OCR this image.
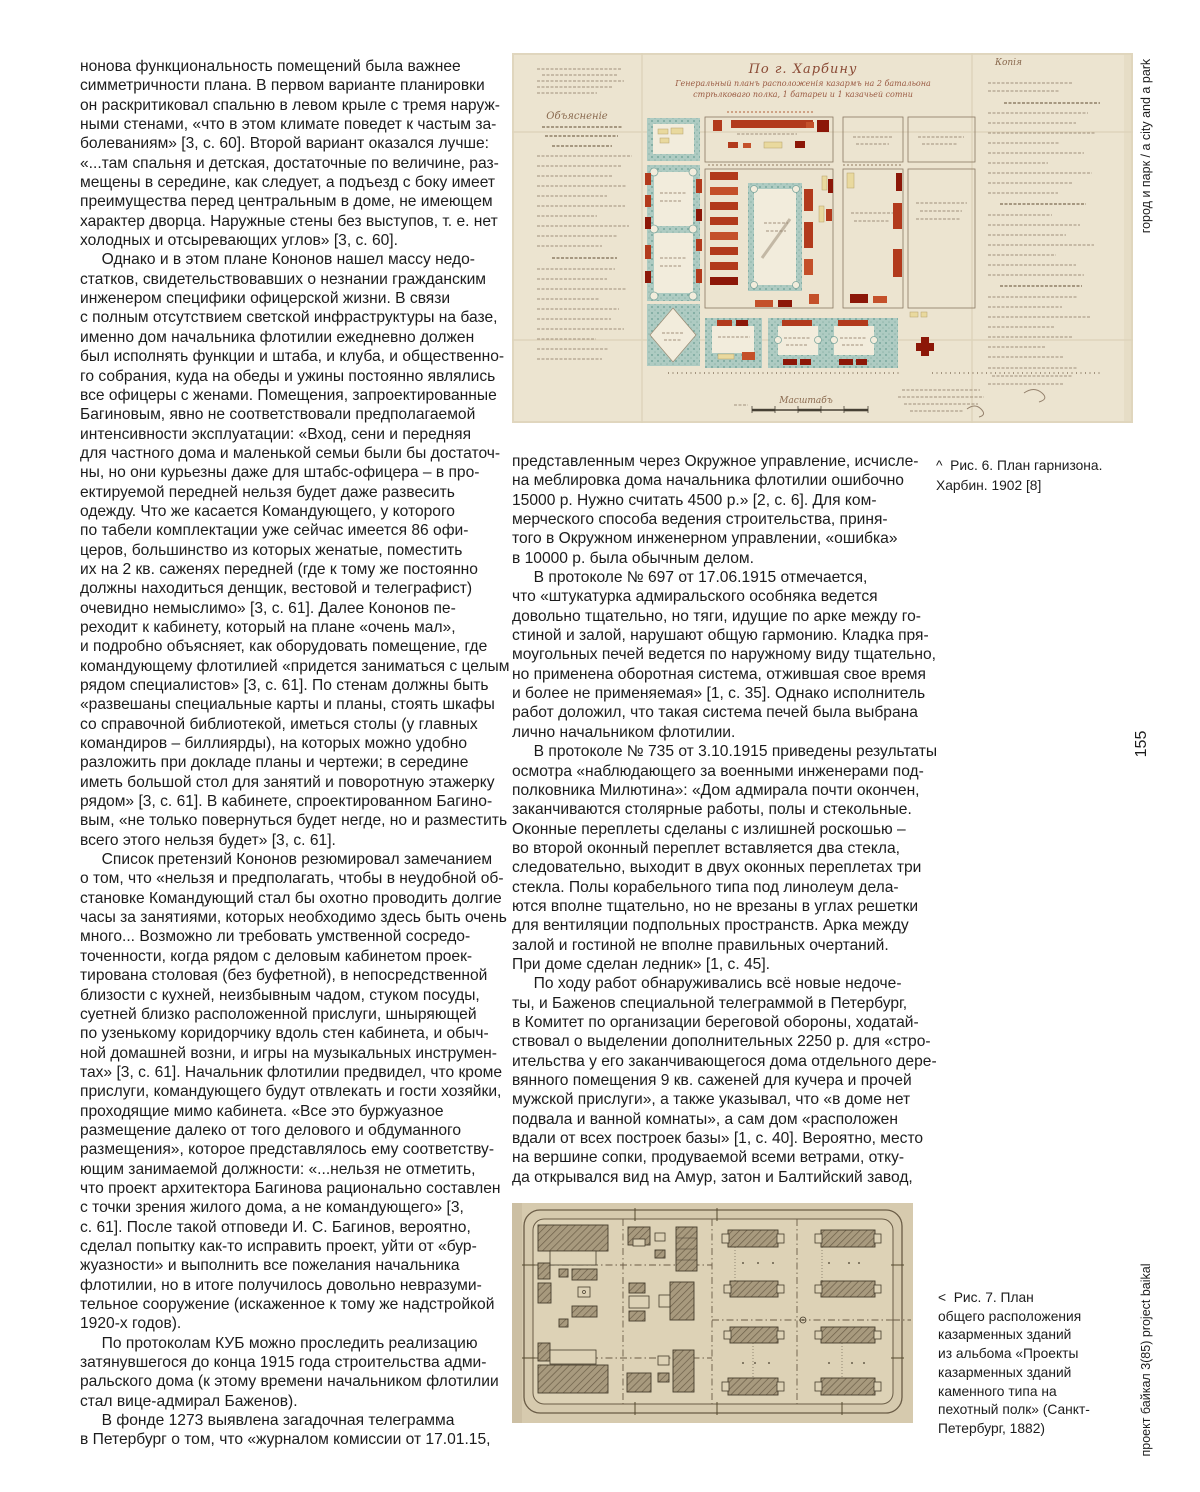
нонова функциональность помещений была важнее
симметричности плана. В первом варианте планировки
он раскритиковал спальню в левом крыле с тремя наруж-
ными стенами, «что в этом климате поведет к частым за-
болеваниям» [3, с. 60]. Второй вариант оказался лучше:
«...там спальня и детская, достаточные по величине, раз-
мещены в середине, как следует, а подъезд с боку имеет
преимущества перед центральным в доме, не имеющем
характер дворца. Наружные стены без выступов, т. е. нет
холодных и отсыревающих углов» [3, с. 60].
Однако и в этом плане Кононов нашел массу недо-
статков, свидетельствовавших о незнании гражданским
инженером специфики офицерской жизни. В связи
с полным отсутствием светской инфраструктуры на базе,
именно дом начальника флотилии ежедневно должен
был исполнять функции и штаба, и клуба, и общественно-
го собрания, куда на обеды и ужины постоянно являлись
все офицеры с женами. Помещения, запроектированные
Багиновым, явно не соответствовали предполагаемой
интенсивности эксплуатации: «Вход, сени и передняя
для частного дома и маленькой семьи были бы достаточ-
ны, но они курьезны даже для штабс-офицера – в про-
ектируемой передней нельзя будет даже развесить
одежду. Что же касается Командующего, у которого
по табели комплектации уже сейчас имеется 86 офи-
церов, большинство из которых женатые, поместить
их на 2 кв. саженях передней (где к тому же постоянно
должны находиться денщик, вестовой и телеграфист)
очевидно немыслимо» [3, с. 61]. Далее Кононов пе-
реходит к кабинету, который на плане «очень мал»,
и подробно объясняет, как оборудовать помещение, где
командующему флотилией «придется заниматься с целым
рядом специалистов» [3, с. 61]. По стенам должны быть
«развешаны специальные карты и планы, стоять шкафы
со справочной библиотекой, иметься столы (у главных
командиров – биллиярды), на которых можно удобно
разложить при докладе планы и чертежи; в середине
иметь большой стол для занятий и поворотную этажерку
рядом» [3, с. 61]. В кабинете, спроектированном Багино-
вым, «не только повернуться будет негде, но и разместить
всего этого нельзя будет» [3, с. 61].
Список претензий Кононов резюмировал замечанием
о том, что «нельзя и предполагать, чтобы в неудобной об-
становке Командующий стал бы охотно проводить долгие
часы за занятиями, которых необходимо здесь быть очень
много... Возможно ли требовать умственной сосредо-
точенности, когда рядом с деловым кабинетом проек-
тирована столовая (без буфетной), в непосредственной
близости с кухней, неизбывным чадом, стуком посуды,
суетней близко расположенной прислуги, шныряющей
по узенькому коридорчику вдоль стен кабинета, и обыч-
ной домашней возни, и игры на музыкальных инструмен-
тах» [3, с. 61]. Начальник флотилии предвидел, что кроме
прислуги, командующего будут отвлекать и гости хозяйки,
проходящие мимо кабинета. «Все это буржуазное
размещение далеко от того делового и обдуманного
размещения», которое представлялось ему соответству-
ющим занимаемой должности: «...нельзя не отметить,
что проект архитектора Багинова рационально составлен
с точки зрения жилого дома, а не командующего» [3,
с. 61]. После такой отповеди И. С. Багинов, вероятно,
сделал попытку как-то исправить проект, уйти от «бур-
жуазности» и выполнить все пожелания начальника
флотилии, но в итоге получилось довольно невразуми-
тельное сооружение (искаженное к тому же надстройкой
1920-х годов).
По протоколам КУБ можно проследить реализацию
затянувшегося до конца 1915 года строительства адми-
ральского дома (к этому времени начальником флотилии
стал вице-адмирал Баженов).
В фонде 1273 выявлена загадочная телеграмма
в Петербург о том, что «журналом комиссии от 17.01.15,
представленным через Окружное управление, исчисле-
на меблировка дома начальника флотилии ошибочно
15000 р. Нужно считать 4500 р.» [2, с. 6]. Для ком-
мерческого способа ведения строительства, приня-
того в Окружном инженерном управлении, «ошибка»
в 10000 р. была обычным делом.
В протоколе № 697 от 17.06.1915 отмечается,
что «штукатурка адмиральского особняка ведется
довольно тщательно, но тяги, идущие по арке между го-
стиной и залой, нарушают общую гармонию. Кладка пря-
моугольных печей ведется по наружному виду тщательно,
но применена оборотная система, отжившая свое время
и более не применяемая» [1, с. 35]. Однако исполнитель
работ доложил, что такая система печей была выбрана
лично начальником флотилии.
В протоколе № 735 от 3.10.1915 приведены результаты
осмотра «наблюдающего за военными инженерами под-
полковника Милютина»: «Дом адмирала почти окончен,
заканчиваются столярные работы, полы и стекольные.
Оконные переплеты сделаны с излишней роскошью –
во второй оконный переплет вставляется два стекла,
следовательно, выходит в двух оконных переплетах три
стекла. Полы корабельного типа под линолеум дела-
ются вполне тщательно, но не врезаны в углах решетки
для вентиляции подпольных пространств. Арка между
залой и гостиной не вполне правильных очертаний.
При доме сделан ледник» [1, с. 45].
По ходу работ обнаруживались всё новые недоче-
ты, и Баженов специальной телеграммой в Петербург,
в Комитет по организации береговой обороны, ходатай-
ствовал о выделении дополнительных 2250 р. для «стро-
ительства у его заканчивающегося дома отдельного дере-
вянного помещения 9 кв. саженей для кучера и прочей
мужской прислуги», а также указывал, что «в доме нет
подвала и ванной комнаты», а сам дом «расположен
вдали от всех построек базы» [1, с. 40]. Вероятно, место
на вершине сопки, продуваемой всеми ветрами, отку-
да открывался вид на Амур, затон и Балтийский завод,
Копія
По г. Харбину
Генеральный планъ расположенія казармъ на 2 батальона
стрѣлковаго полка, 1 батареи и 1 казачьей сотни
Объясненіе
Масштабъ
^  Рис. 6. План гарнизона.
Харбин. 1902 [8]
<  Рис. 7. План
общего расположения
казарменных зданий
из альбома «Проекты
казарменных зданий
каменного типа на
пехотный полк» (Санкт-
Петербург, 1882)
город и парк / a city and a park
155
проект байкал 3(85) project baikal
